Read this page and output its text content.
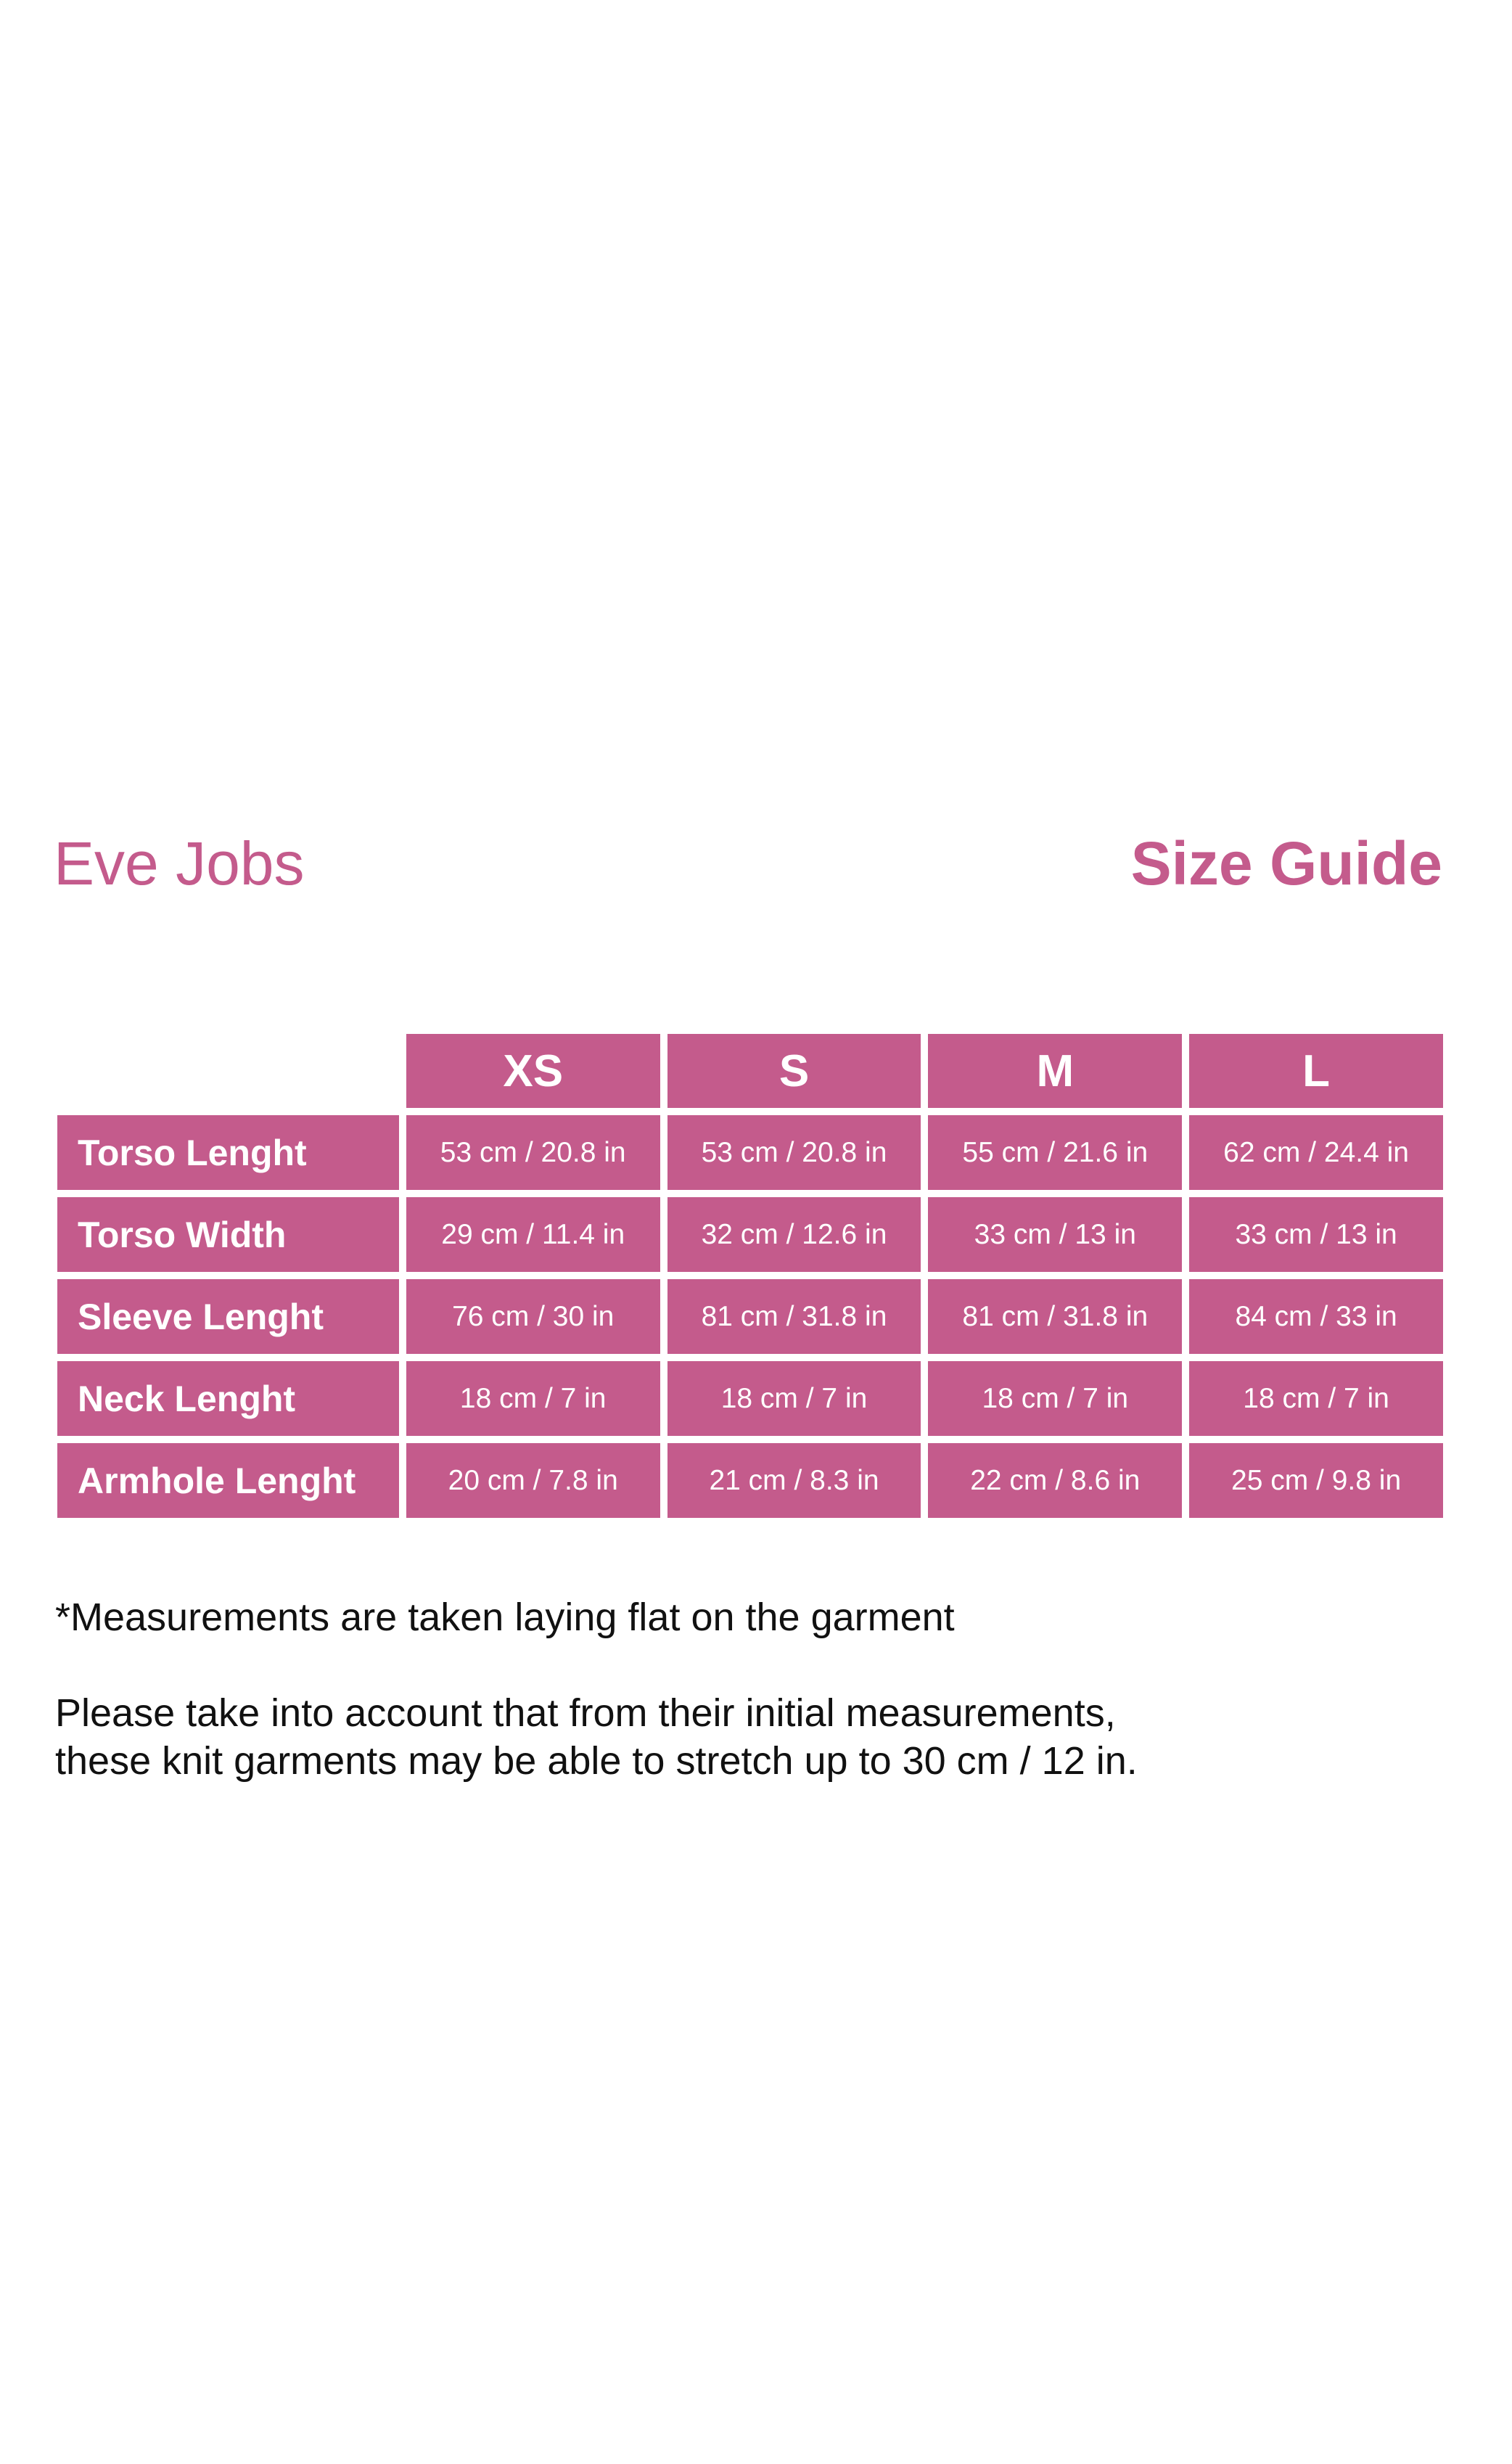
Eve Jobs	Size Guide
	XS	S	M	L
Torso Lenght	53 cm / 20.8 in	53 cm / 20.8 in	55 cm / 21.6 in	62 cm / 24.4 in
Torso Width	29 cm / 11.4 in	32 cm / 12.6 in	33 cm / 13 in	33 cm / 13 in
Sleeve Lenght	76 cm / 30 in	81 cm / 31.8 in	81 cm / 31.8 in	84 cm / 33 in
Neck Lenght	18 cm / 7 in	18 cm / 7 in	18 cm / 7 in	18 cm / 7 in
Armhole Lenght	20 cm / 7.8 in	21 cm / 8.3 in	22 cm / 8.6 in	25 cm / 9.8 in

*Measurements are taken laying flat on the garment

Please take into account that from their initial measurements,
these knit garments may be able to stretch up to 30 cm / 12 in.
